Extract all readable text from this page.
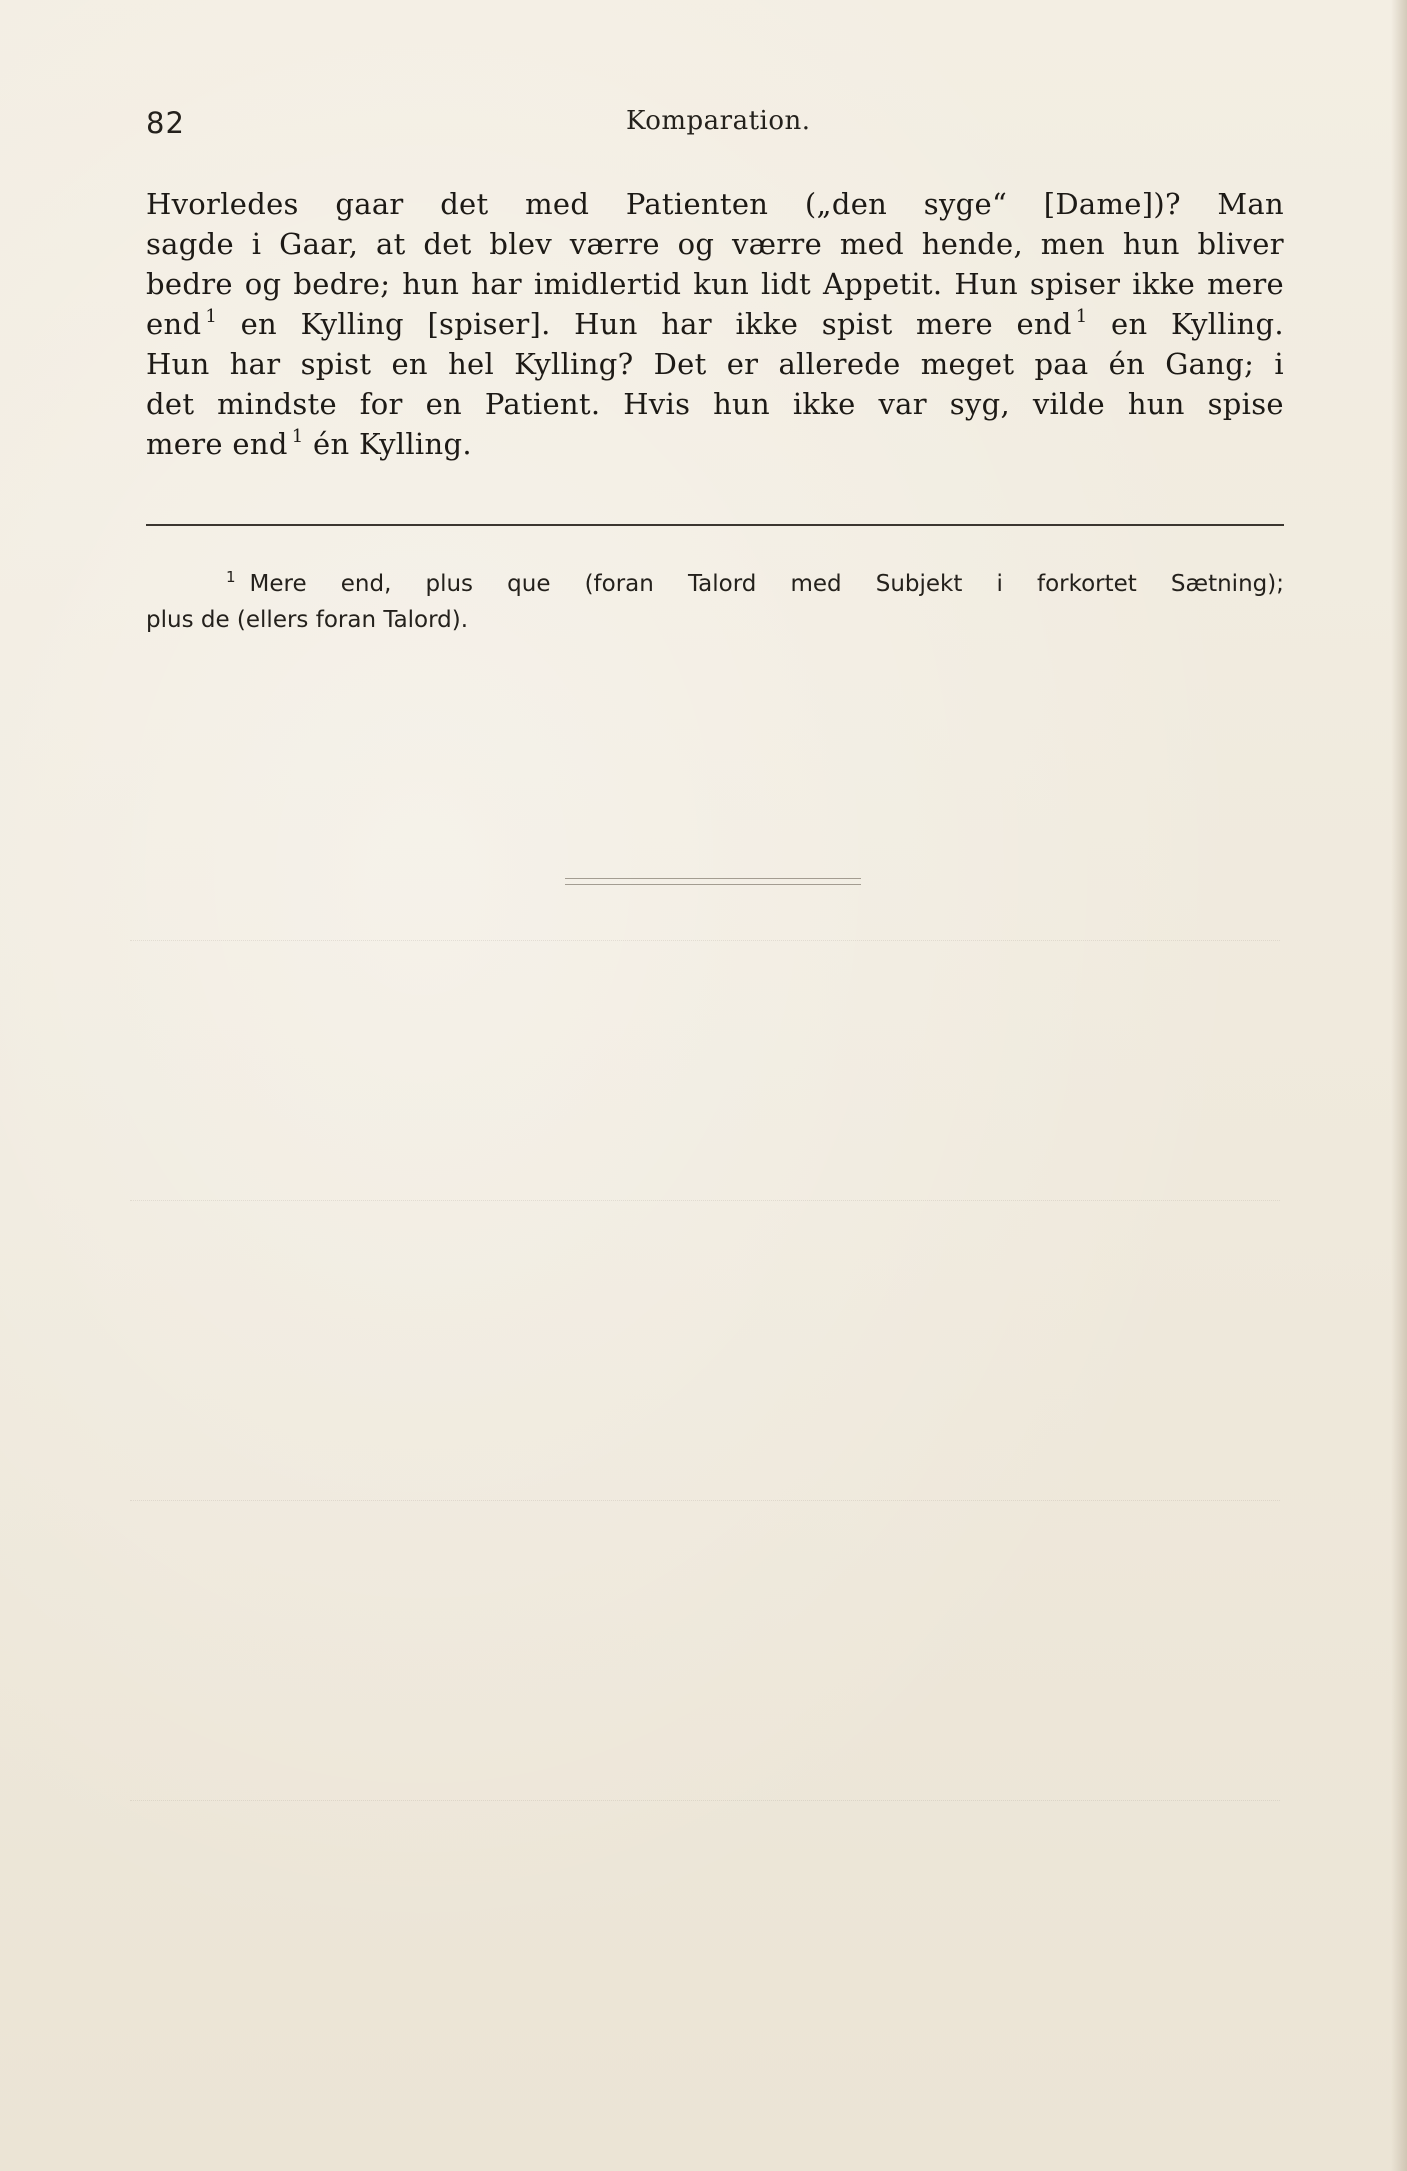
82	Komparation.
Hvorledes gaar det med Patienten („den syge“ [Dame])? Man
sagde i Gaar, at det blev værre og værre med hende, men hun bliver
bedre og bedre; hun har imidlertid kun lidt Appetit. Hun spiser ikke mere
end $^1$ en Kylling [spiser]. Hun har ikke spist mere end $^1$ en Kylling.
Hun har spist en hel Kylling? Det er allerede meget paa én Gang; i
det mindste for en Patient. Hvis hun ikke var syg, vilde hun spise
mere end $^1$ én Kylling.
$^1$ Mere end, plus que (foran Talord med Subjekt i forkortet Sætning);
plus de (ellers foran Talord).
